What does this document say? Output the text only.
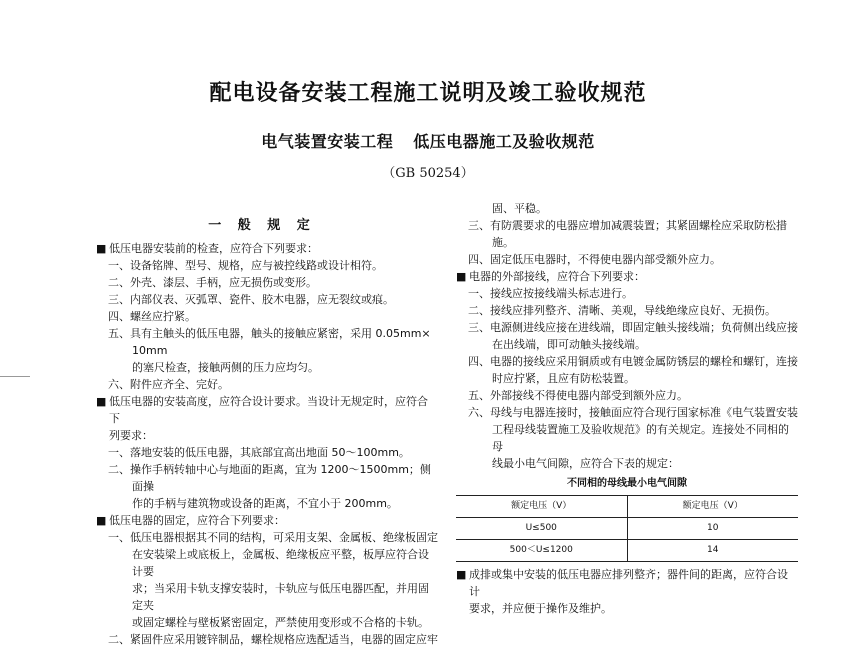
配电设备安装工程施工说明及竣工验收规范
电气装置安装工程 低压电器施工及验收规范
（GB 50254）
一 般 规 定
■ 低压电器安装前的检查，应符合下列要求：
一、设备铭牌、型号、规格，应与被控线路或设计相符。
二、外壳、漆层、手柄，应无损伤或变形。
三、内部仪表、灭弧罩、瓷件、胶木电器，应无裂纹或痕。
四、螺丝应拧紧。
五、具有主触头的低压电器，触头的接触应紧密，采用 0.05mm× 10mm
的塞尺检查，接触两侧的压力应均匀。
六、附件应齐全、完好。
■ 低压电器的安装高度，应符合设计要求。当设计无规定时，应符合下
列要求：
一、落地安装的低压电器，其底部宜高出地面 50～100mm。
二、操作手柄转轴中心与地面的距离，宜为 1200～1500mm；侧面操
作的手柄与建筑物或设备的距离，不宜小于 200mm。
■ 低压电器的固定，应符合下列要求：
一、低压电器根据其不同的结构，可采用支架、金属板、绝缘板固定
在安装梁上或底板上，金属板、绝缘板应平整，板厚应符合设计要
求；当采用卡轨支撑安装时，卡轨应与低压电器匹配，并用固定夹
或固定螺栓与壁板紧密固定，严禁使用变形或不合格的卡轨。
二、紧固件应采用镀锌制品，螺栓规格应选配适当，电器的固定应牢
固、平稳。
三、有防震要求的电器应增加减震装置；其紧固螺栓应采取防松措施。
四、固定低压电器时，不得使电器内部受额外应力。
■ 电器的外部接线，应符合下列要求：
一、接线应按接线端头标志进行。
二、接线应排列整齐、清晰、美观，导线绝缘应良好、无损伤。
三、电源侧进线应接在进线端，即固定触头接线端；负荷侧出线应接
在出线端，即可动触头接线端。
四、电器的接线应采用铜质或有电镀金属防锈层的螺栓和螺钉，连接
时应拧紧，且应有防松装置。
五、外部接线不得使电器内部受到额外应力。
六、母线与电器连接时，接触面应符合现行国家标准《电气装置安装
工程母线装置施工及验收规范》的有关规定。连接处不同相的母
线最小电气间隙，应符合下表的规定：
不同相的母线最小电气间隙
额定电压（V）	额定电压（V）
U≤500	10
500＜U≤1200	14
■ 成排或集中安装的低压电器应排列整齐；器件间的距离，应符合设计
要求，并应便于操作及维护。
